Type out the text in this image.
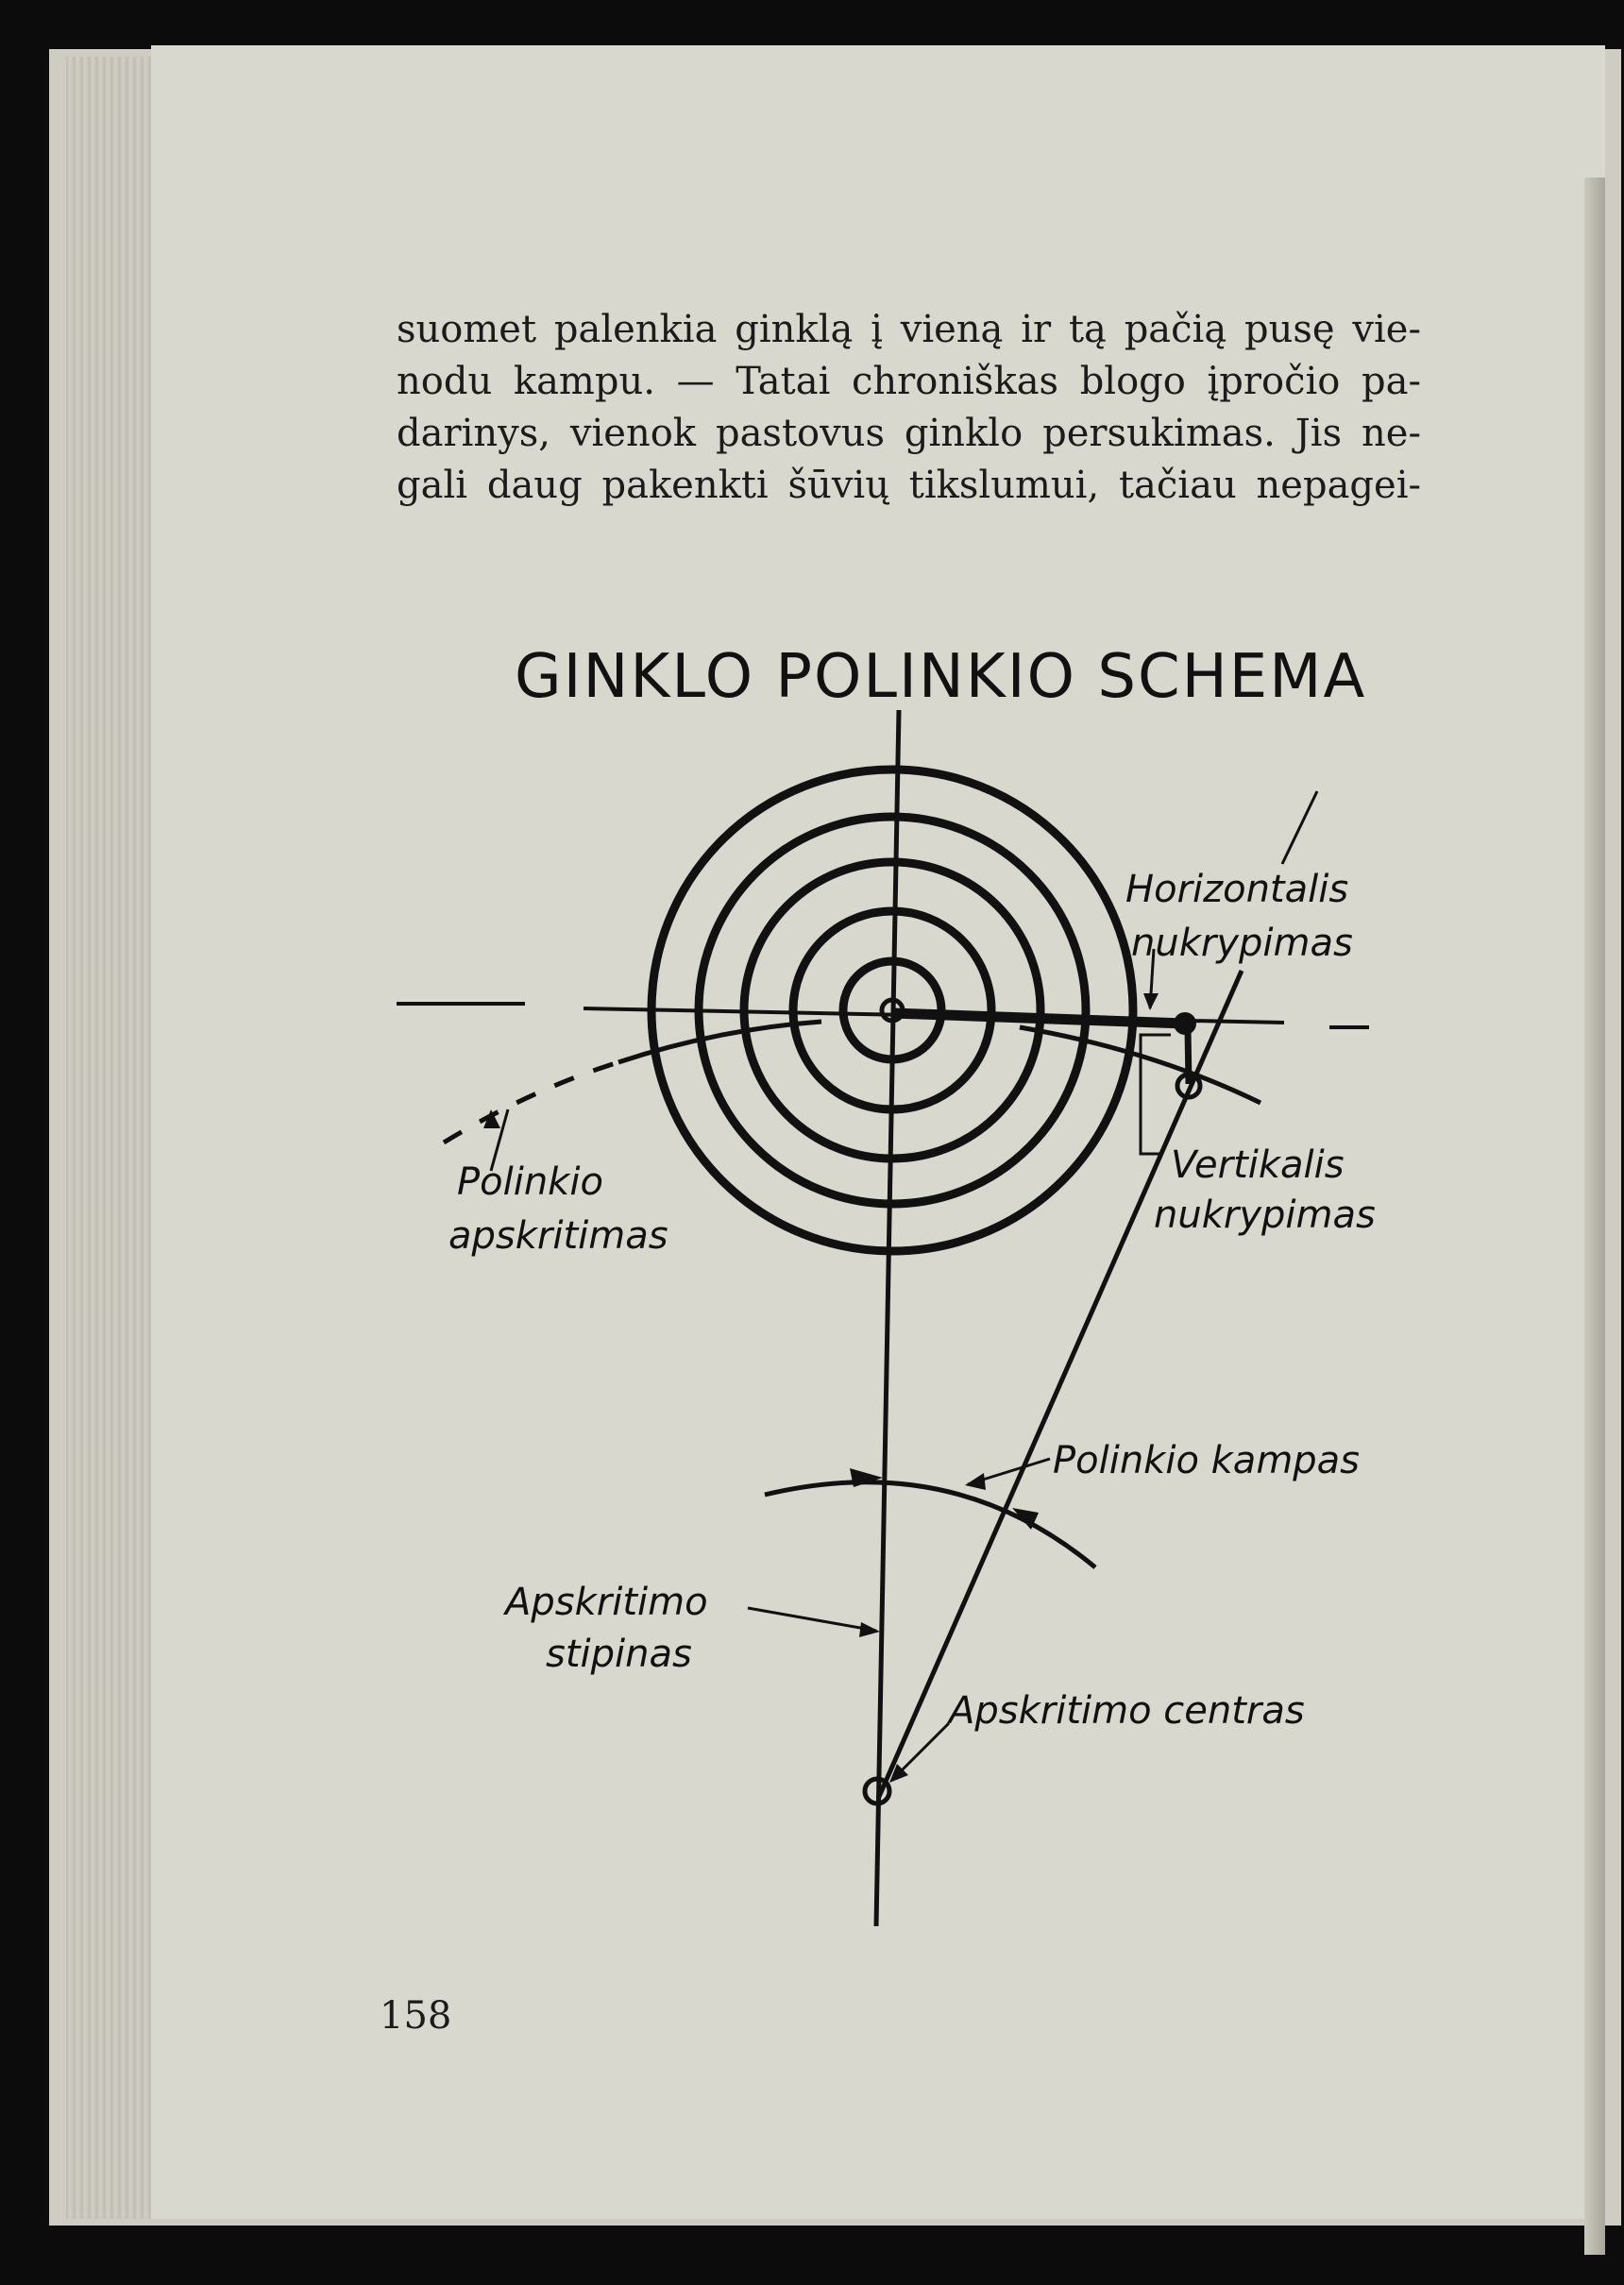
suomet palenkia ginklą į vieną ir tą pačią pusę vie-
nodu kampu. — Tatai chroniškas blogo įpročio pa-
darinys, vienok pastovus ginklo persukimas. Jis ne-
gali daug pakenkti šūvių tikslumui, tačiau nepagei-

GINKLO POLINKIO SCHEMA
Horizontalis
nukrypimas
Vertikalis
nukrypimas
Polinkio
apskritimas
Polinkio kampas
Apskritimo
stipinas
Apskritimo centras
158
